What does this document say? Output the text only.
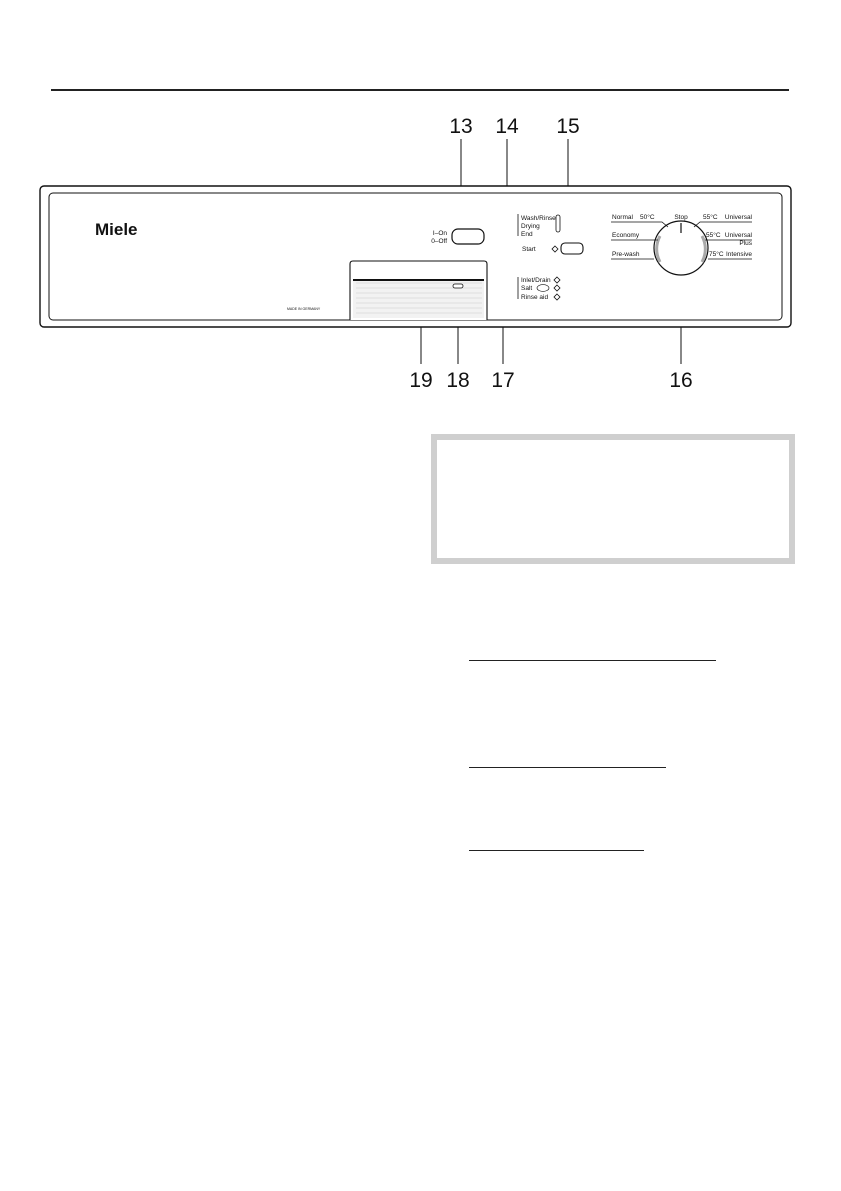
13 14 15
19 18 17	16
Miele
MADE IN GERMANY
I–On
0–Off
Wash/Rinse
Drying
End
Start
Inlet/Drain
Salt
Rinse aid
Stop
Normal 50°C
Economy
Pre-wash
55°C Universal
55°C Universal
Plus
75°C Intensive
